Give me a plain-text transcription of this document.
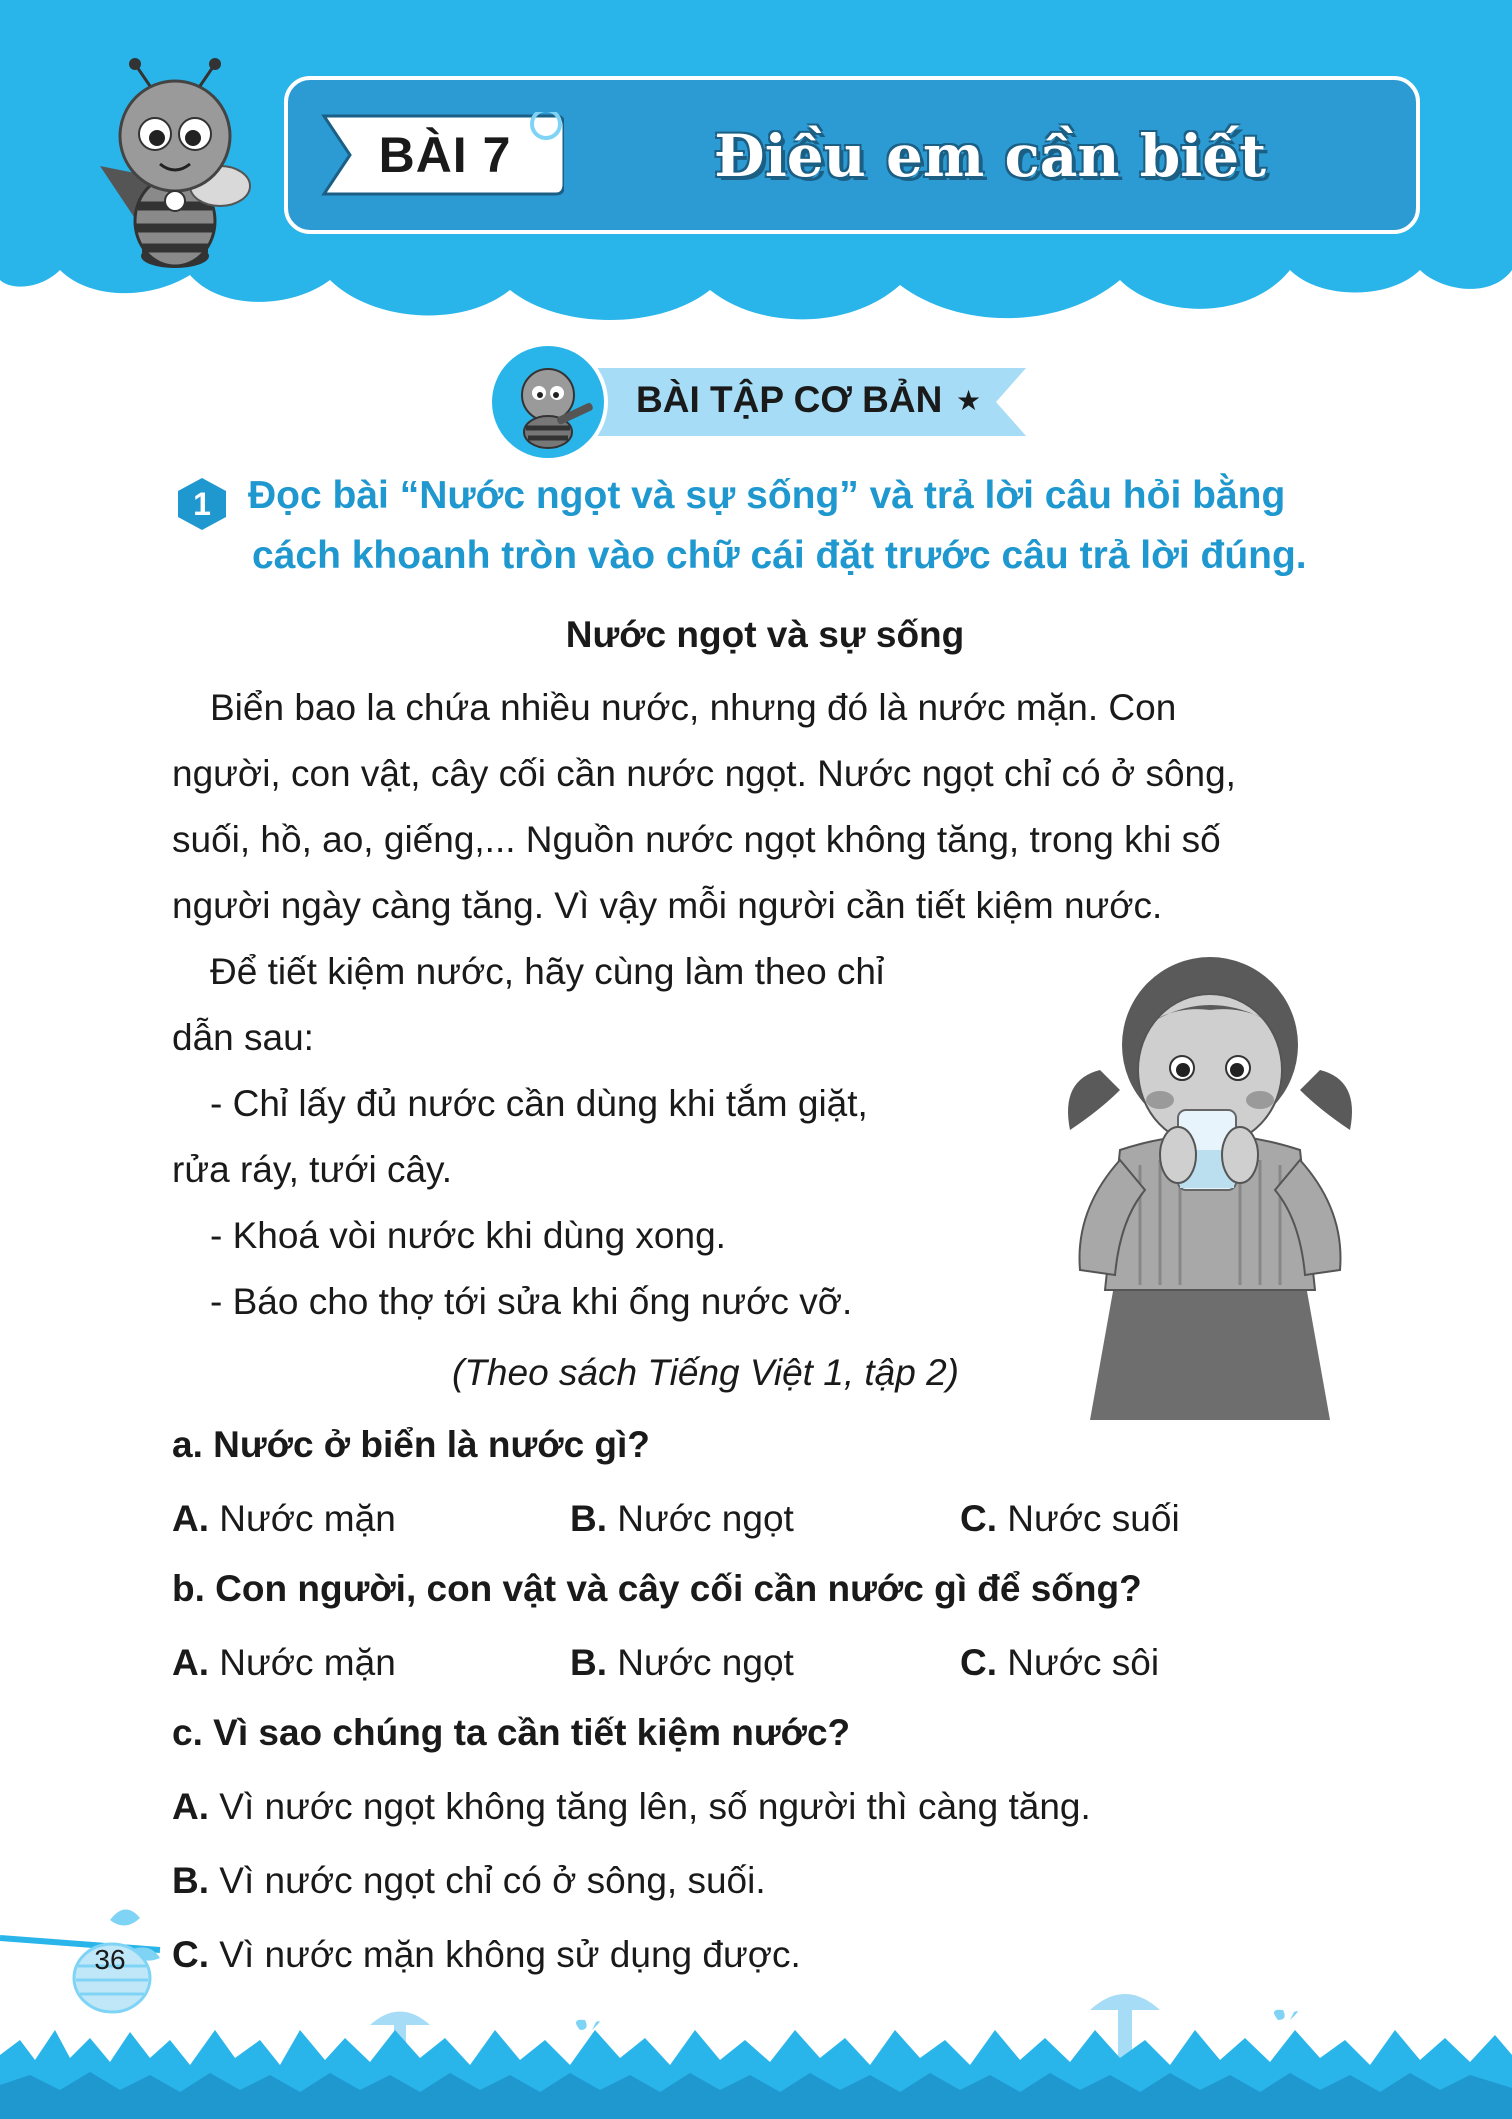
BÀI 7	Điều em cần biết
BÀI TẬP CƠ BẢN ★
1 Đọc bài “Nước ngọt và sự sống” và trả lời câu hỏi bằng
cách khoanh tròn vào chữ cái đặt trước câu trả lời đúng.
Nước ngọt và sự sống
Biển bao la chứa nhiều nước, nhưng đó là nước mặn. Con
người, con vật, cây cối cần nước ngọt. Nước ngọt chỉ có ở sông,
suối, hồ, ao, giếng,... Nguồn nước ngọt không tăng, trong khi số
người ngày càng tăng. Vì vậy mỗi người cần tiết kiệm nước.
Để tiết kiệm nước, hãy cùng làm theo chỉ
dẫn sau:
- Chỉ lấy đủ nước cần dùng khi tắm giặt,
rửa ráy, tưới cây.
- Khoá vòi nước khi dùng xong.
- Báo cho thợ tới sửa khi ống nước vỡ.
(Theo sách Tiếng Việt 1, tập 2)
a. Nước ở biển là nước gì?
A. Nước mặn	B. Nước ngọt	C. Nước suối
b. Con người, con vật và cây cối cần nước gì để sống?
A. Nước mặn	B. Nước ngọt	C. Nước sôi
c. Vì sao chúng ta cần tiết kiệm nước?
A. Vì nước ngọt không tăng lên, số người thì càng tăng.
B. Vì nước ngọt chỉ có ở sông, suối.
C. Vì nước mặn không sử dụng được.
36
